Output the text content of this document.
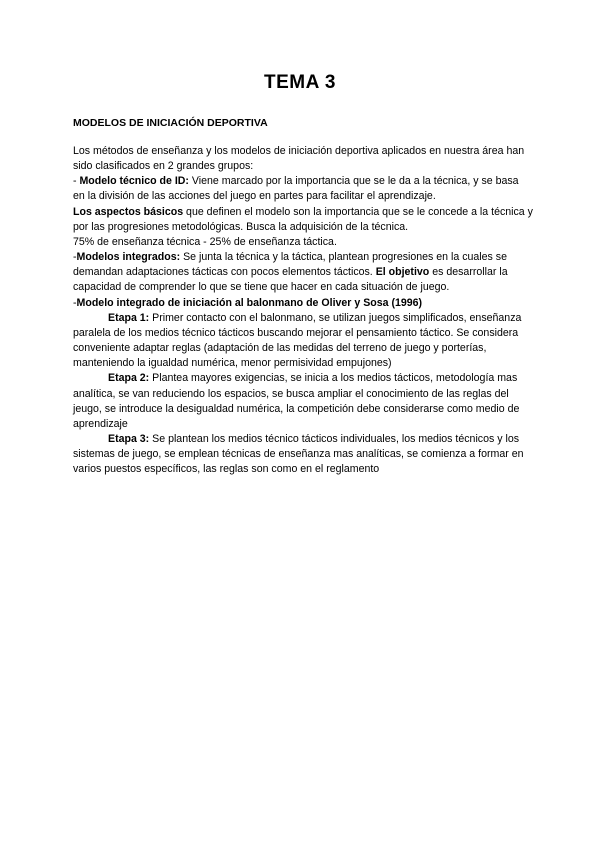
TEMA 3
MODELOS DE INICIACIÓN DEPORTIVA

Los métodos de enseñanza y los modelos de iniciación deportiva aplicados en nuestra área han sido clasificados en 2 grandes grupos:

- Modelo técnico de ID: Viene marcado por la importancia que se le da a la técnica, y se basa en la división de las acciones del juego en partes para facilitar el aprendizaje.

Los aspectos básicos que definen el modelo son la importancia que se le concede a la técnica y por las progresiones metodológicas. Busca la adquisición de la técnica.

75% de enseñanza técnica - 25% de enseñanza táctica.

-Modelos integrados: Se junta la técnica y la táctica, plantean progresiones en la cuales se demandan adaptaciones tácticas con pocos elementos tácticos. El objetivo es desarrollar la capacidad de comprender lo que se tiene que hacer en cada situación de juego.

-Modelo integrado de iniciación al balonmano de Oliver y Sosa (1996)

Etapa 1: Primer contacto con el balonmano, se utilizan juegos simplificados, enseñanza paralela de los medios técnico tácticos buscando mejorar el pensamiento táctico. Se considera conveniente adaptar reglas (adaptación de las medidas del terreno de juego y porterías, manteniendo la igualdad numérica, menor permisividad empujones)

Etapa 2: Plantea mayores exigencias, se inicia a los medios tácticos, metodología mas analítica, se van reduciendo los espacios, se busca ampliar el conocimiento de las reglas del jeugo, se introduce la desigualdad numérica, la competición debe considerarse como medio de aprendizaje

Etapa 3: Se plantean los medios técnico tácticos individuales, los medios técnicos y los sistemas de juego, se emplean técnicas de enseñanza mas analíticas, se comienza a formar en varios puestos específicos, las reglas son como en el reglamento
